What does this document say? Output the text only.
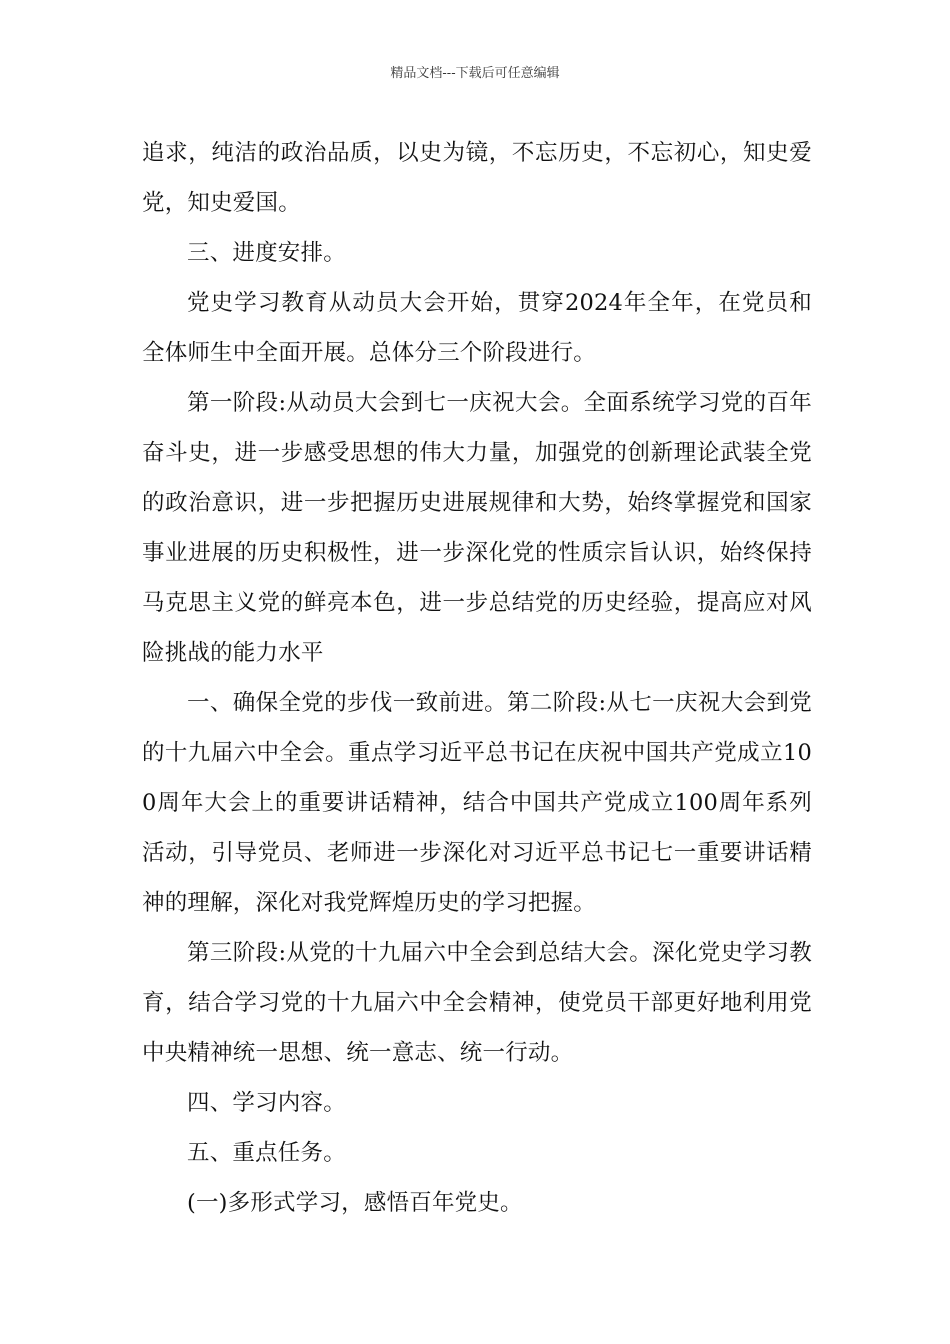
精品文档---下载后可任意编辑

追求，纯洁的政治品质，以史为镜，不忘历史，不忘初心，知史爱党，知史爱国。

三、进度安排。

党史学习教育从动员大会开始，贯穿2024年全年，在党员和全体师生中全面开展。总体分三个阶段进行。

第一阶段:从动员大会到七一庆祝大会。全面系统学习党的百年奋斗史，进一步感受思想的伟大力量，加强党的创新理论武装全党的政治意识，进一步把握历史进展规律和大势，始终掌握党和国家事业进展的历史积极性，进一步深化党的性质宗旨认识，始终保持马克思主义党的鲜亮本色，进一步总结党的历史经验，提高应对风险挑战的能力水平

一、确保全党的步伐一致前进。第二阶段:从七一庆祝大会到党的十九届六中全会。重点学习近平总书记在庆祝中国共产党成立100周年大会上的重要讲话精神，结合中国共产党成立100周年系列活动，引导党员、老师进一步深化对习近平总书记七一重要讲话精神的理解，深化对我党辉煌历史的学习把握。

第三阶段:从党的十九届六中全会到总结大会。深化党史学习教育，结合学习党的十九届六中全会精神，使党员干部更好地利用党中央精神统一思想、统一意志、统一行动。

四、学习内容。

五、重点任务。

(一)多形式学习，感悟百年党史。
